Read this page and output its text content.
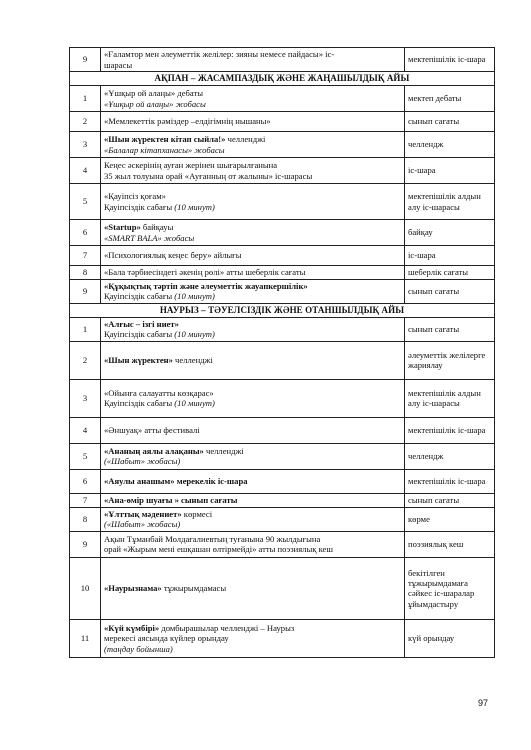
9	«Ғаламтор мен әлеуметтік желілер: зияны немесе пайдасы» іс-
шарасы	мектепішілік іс-шара
АҚПАН – ЖАСАМПАЗДЫҚ ЖӘНЕ ЖАҢАШЫЛДЫҚ АЙЫ		
1	«Ұшқыр ой алаңы» дебаты
«Ұшқыр ой алаңы» жобасы	мектеп дебаты
2	«Мемлекеттік рәміздер –елдігімнің нышаны»	сынып сағаты
3	«Шын жүректен кітап сыйла!» челленджі
«Балалар кітапханасы» жобасы	челлендж
4	Кеңес әскерінің ауған жерінен шығарылғанына
35 жыл толуына орай «Ауғанның от жалыны» іс-шарасы	іс-шара
5	«Қауіпсіз қоғам»
Қауіпсіздік сабағы (10 минут)	мектепішілік алдын алу іс-шарасы
6	«Startup» байқауы
«SMART BALA» жобасы	байқау
7	«Психологиялық кеңес беру» айлығы	іс-шара
8	«Бала тәрбиесіндегі әкенің рөлі» атты шеберлік сағаты	шеберлік сағаты
9	«Құқықтық тәртіп және әлеуметтік жауапкершілік»
Қауіпсіздік сабағы (10 минут)	сынып сағаты
НАУРЫЗ – ТӘУЕЛСІЗДІК ЖӘНЕ ОТАНШЫЛДЫҚ АЙЫ		
1	«Алғыс – ізгі ниет»
Қауіпсіздік сабағы (10 минут)	сынып сағаты
2	«Шын жүректен» челленджі	әлеуметтік желілерге жариялау
3	«Ойынға салауатты көзқарас»
Қауіпсіздік сабағы (10 минут)	мектепішілік алдын алу іс-шарасы
4	«Әншуақ» атты фестивалі	мектепішілік іс-шара
5	«Ананың аялы алақаны» челленджі
(«Шабыт» жобасы)	челлендж
6	«Аяулы анашым» мерекелік іс-шара	мектепішілік іс-шара
7	«Ана-өмір шуағы » сынып сағаты	сынып сағаты
8	«Ұлттық мәдениет» көрмесі
(«Шабыт» жобасы)	көрме
9	Ақын Тұманбай Молдағалиевтың туғанына 90 жылдығына
орай «Жырым мені ешқашан өлтірмейді» атты поэзиялық кеш	поэзиялық кеш
10	«Наурызнама» тұжырымдамасы	бекітілген тұжырымдамаға сәйкес іс-шаралар ұйымдастыру
11	«Күй күмбірі» домбырашылар челленджі – Наурыз
мерекесі аясында күйлер орындау
(таңдау бойынша)	күй орындау
97
